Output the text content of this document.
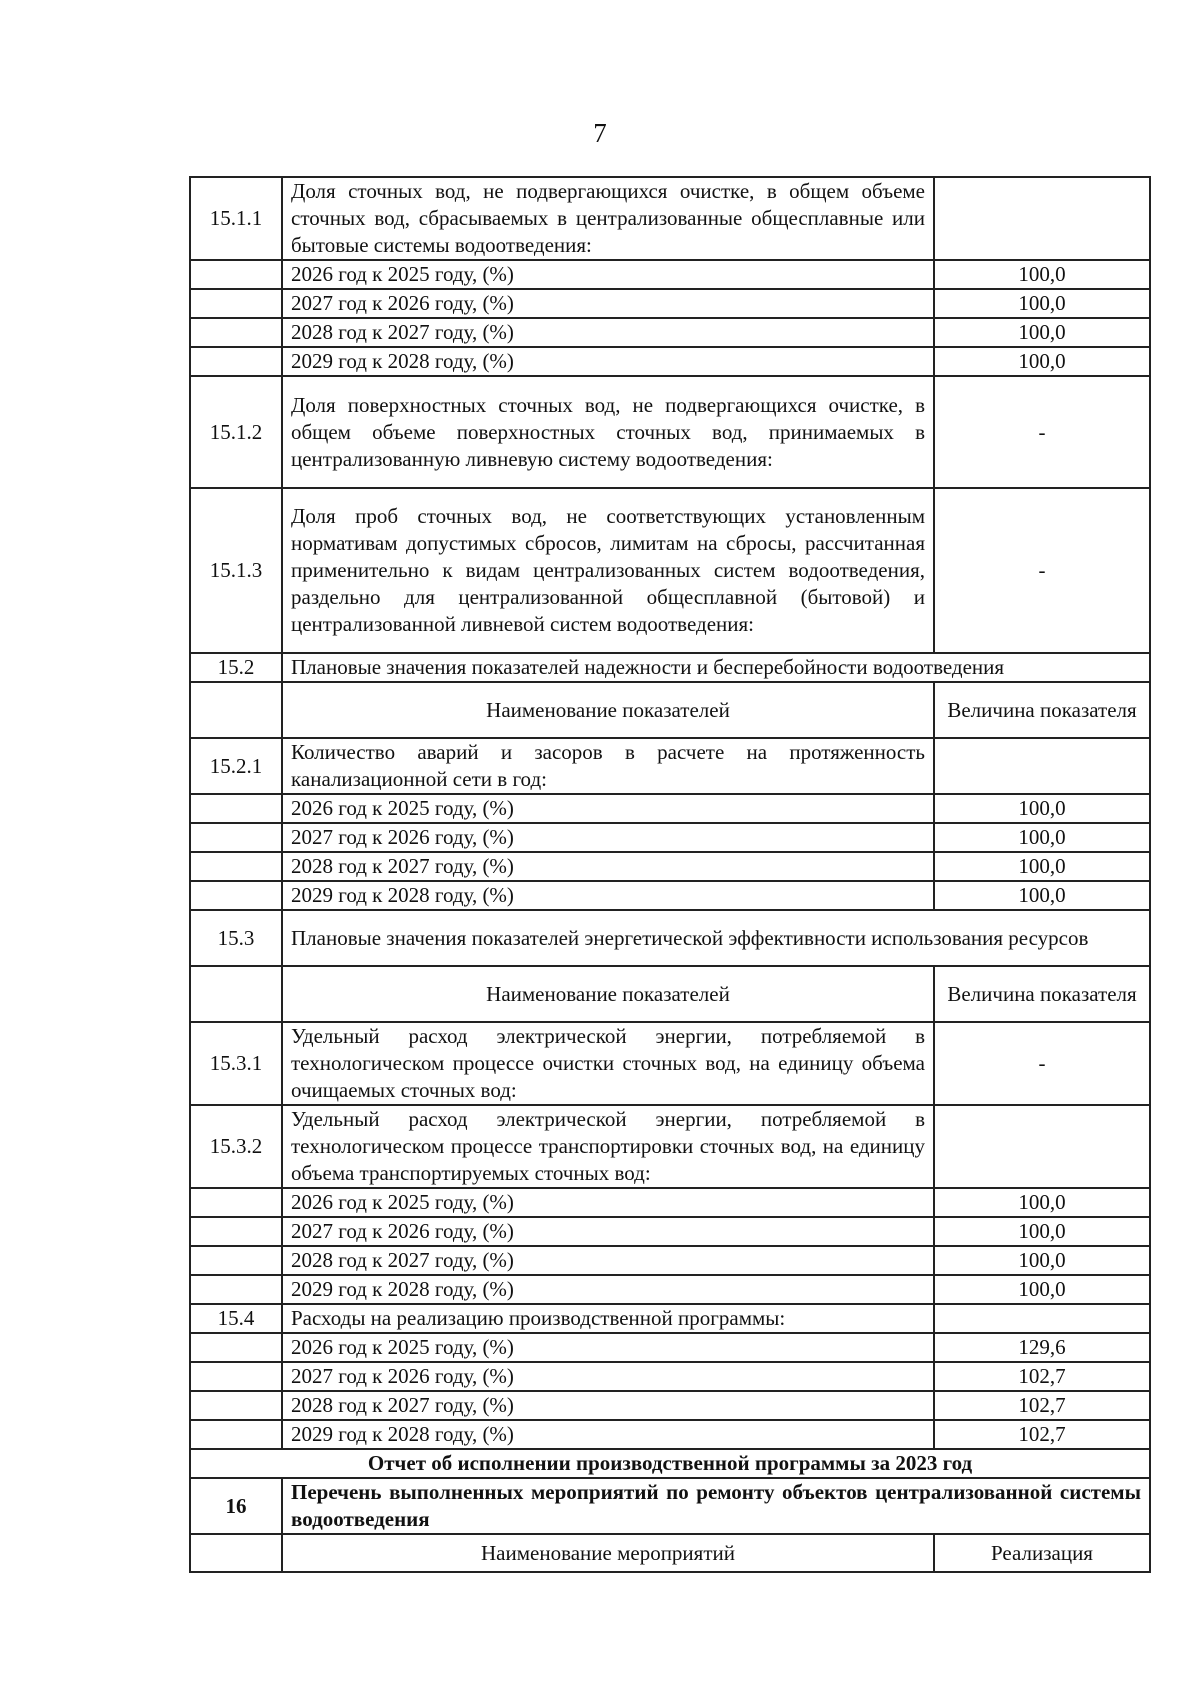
7
15.1.1	Доля сточных вод, не подвергающихся очистке, в общем объеме сточных вод, сбрасываемых в централизованные общесплавные или бытовые системы водоотведения:	
	2026 год к 2025 году, (%)	100,0
	2027 год к 2026 году, (%)	100,0
	2028 год к 2027 году, (%)	100,0
	2029 год к 2028 году, (%)	100,0
15.1.2	Доля поверхностных сточных вод, не подвергающихся очистке, в общем объеме поверхностных сточных вод, принимаемых в централизованную ливневую систему водоотведения:	-
15.1.3	Доля проб сточных вод, не соответствующих установленным нормативам допустимых сбросов, лимитам на сбросы, рассчитанная применительно к видам централизованных систем водоотведения, раздельно для централизованной общесплавной (бытовой) и централизованной ливневой систем водоотведения:	-
15.2	Плановые значения показателей надежности и бесперебойности водоотведения	
	Наименование показателей	Величина показателя
15.2.1	Количество аварий и засоров в расчете на протяженность канализационной сети в год:	
	2026 год к 2025 году, (%)	100,0
	2027 год к 2026 году, (%)	100,0
	2028 год к 2027 году, (%)	100,0
	2029 год к 2028 году, (%)	100,0
15.3	Плановые значения показателей энергетической эффективности использования ресурсов	
	Наименование показателей	Величина показателя
15.3.1	Удельный расход электрической энергии, потребляемой в технологическом процессе очистки сточных вод, на единицу объема очищаемых сточных вод:	-
15.3.2	Удельный расход электрической энергии, потребляемой в технологическом процессе транспортировки сточных вод, на единицу объема транспортируемых сточных вод:	
	2026 год к 2025 году, (%)	100,0
	2027 год к 2026 году, (%)	100,0
	2028 год к 2027 году, (%)	100,0
	2029 год к 2028 году, (%)	100,0
15.4	Расходы на реализацию производственной программы:	
	2026 год к 2025 году, (%)	129,6
	2027 год к 2026 году, (%)	102,7
	2028 год к 2027 году, (%)	102,7
	2029 год к 2028 году, (%)	102,7
Отчет об исполнении производственной программы за 2023 год		
16	Перечень выполненных мероприятий по ремонту объектов централизованной системы водоотведения	
	Наименование мероприятий	Реализация
